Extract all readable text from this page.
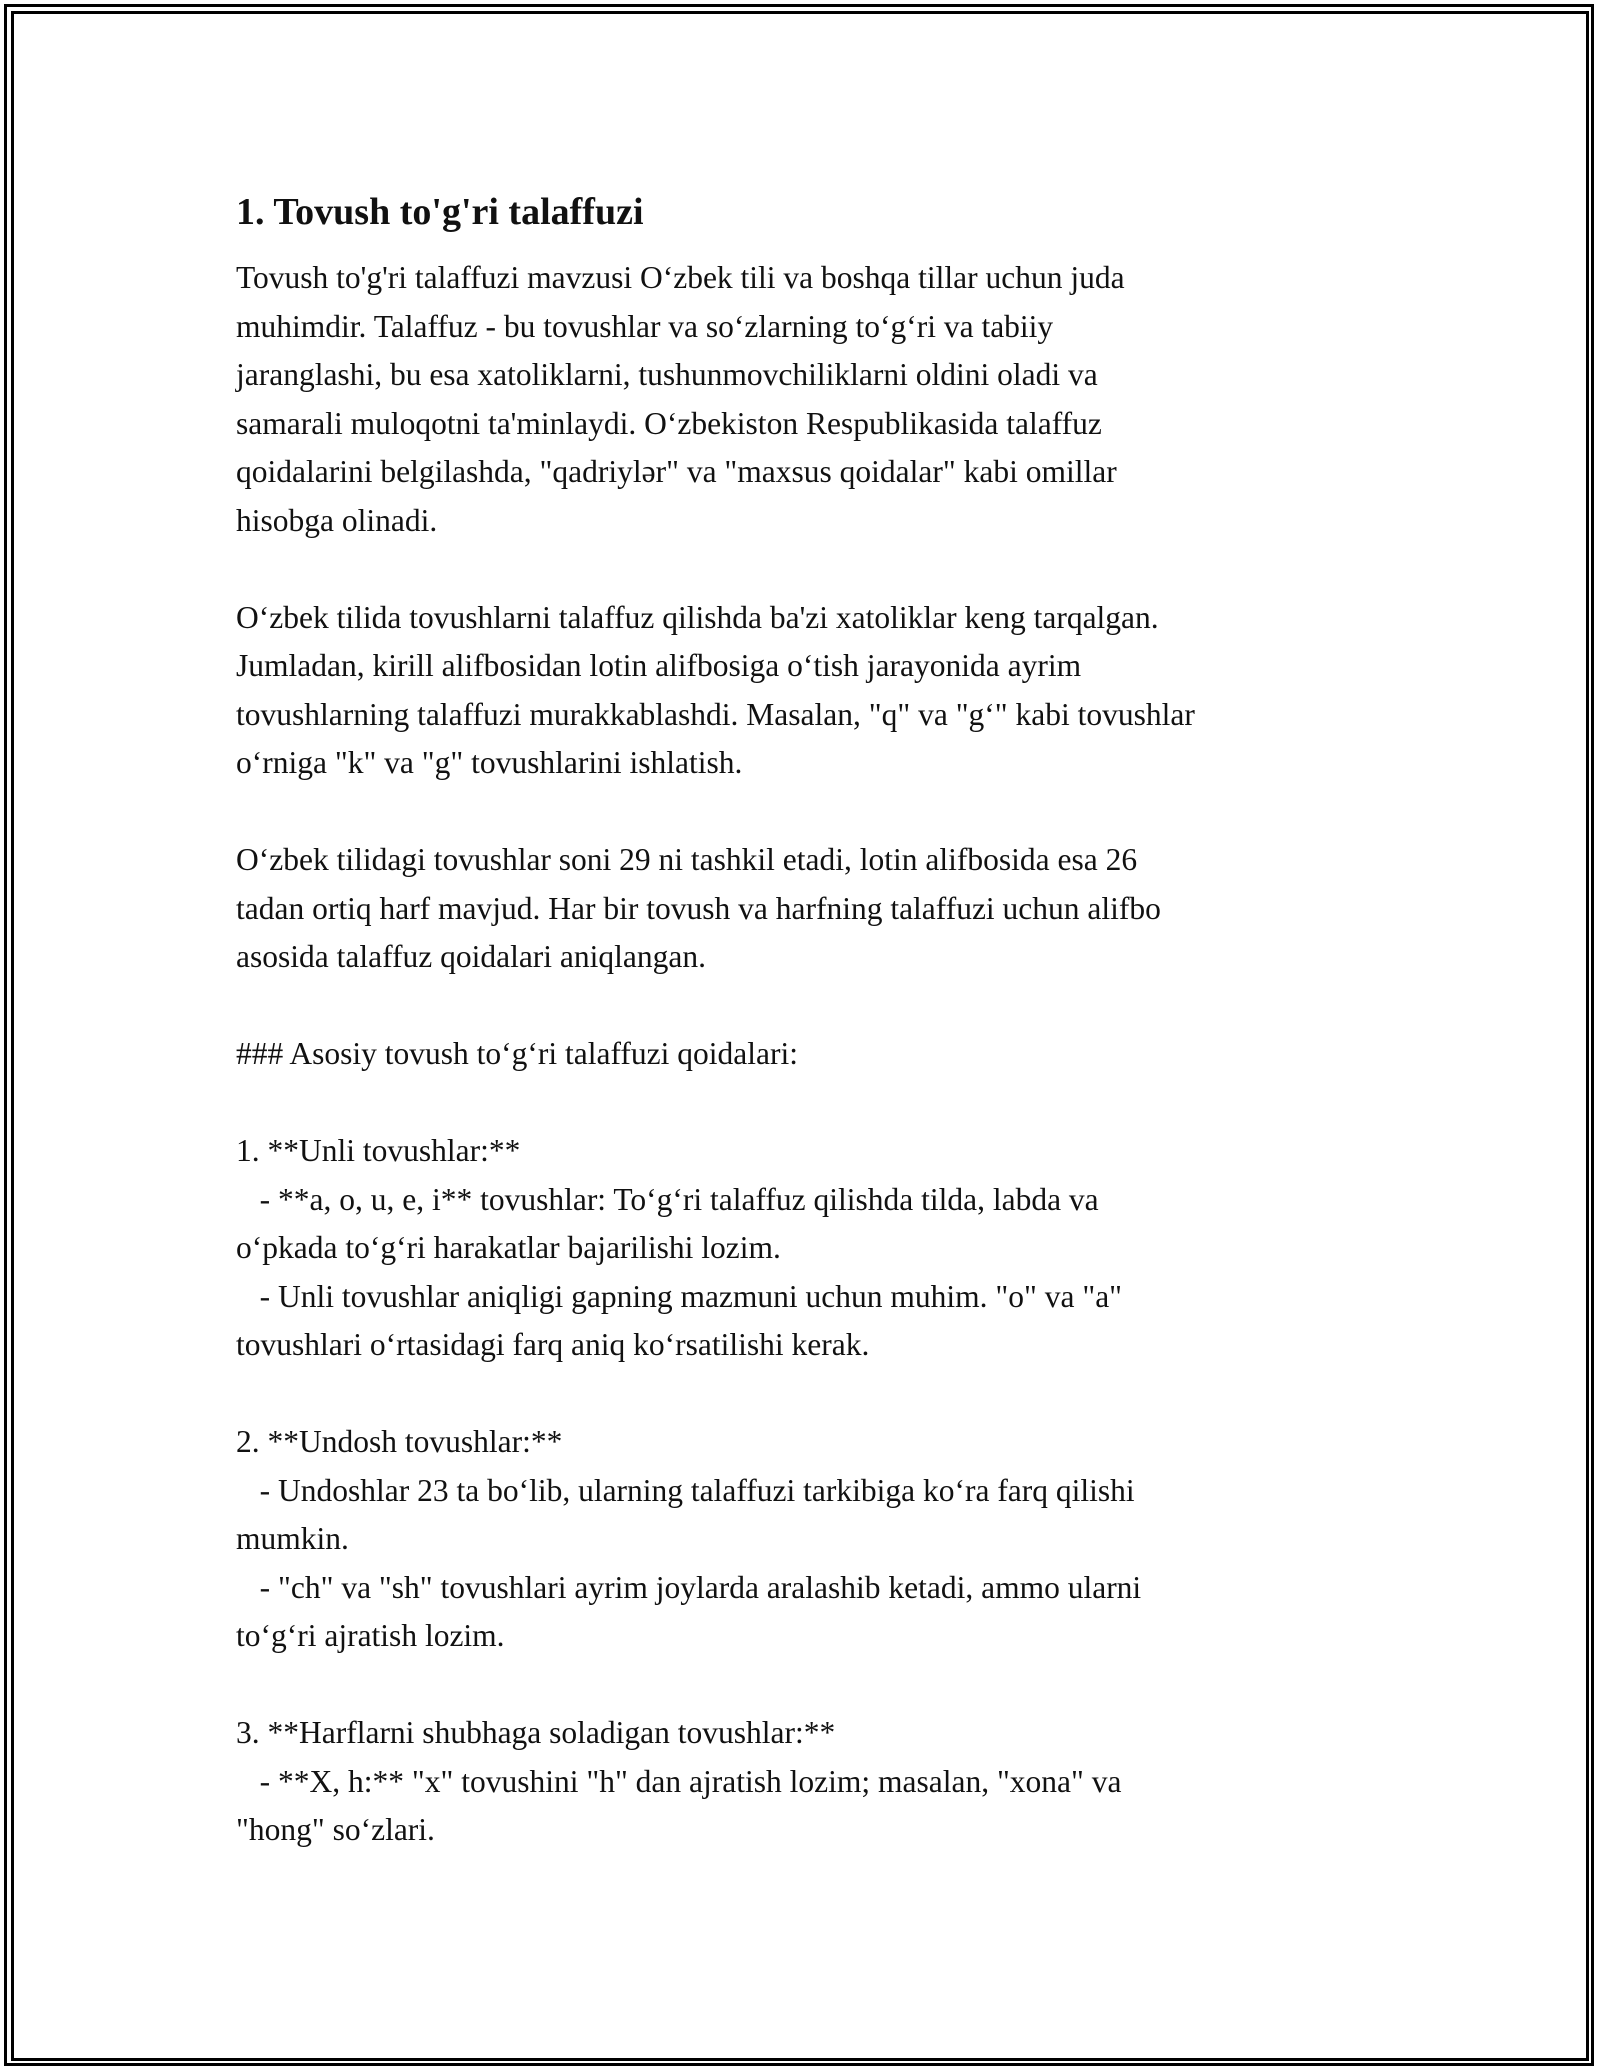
1. Tovush to'g'ri talaffuzi

Tovush to'g'ri talaffuzi mavzusi O‘zbek tili va boshqa tillar uchun juda
muhimdir. Talaffuz - bu tovushlar va so‘zlarning to‘g‘ri va tabiiy
jaranglashi, bu esa xatoliklarni, tushunmovchiliklarni oldini oladi va
samarali muloqotni ta'minlaydi. O‘zbekiston Respublikasida talaffuz
qoidalarini belgilashda, "qadriylər" va "maxsus qoidalar" kabi omillar
hisobga olinadi.

O‘zbek tilida tovushlarni talaffuz qilishda ba'zi xatoliklar keng tarqalgan.
Jumladan, kirill alifbosidan lotin alifbosiga o‘tish jarayonida ayrim
tovushlarning talaffuzi murakkablashdi. Masalan, "q" va "g‘" kabi tovushlar
o‘rniga "k" va "g" tovushlarini ishlatish.

O‘zbek tilidagi tovushlar soni 29 ni tashkil etadi, lotin alifbosida esa 26
tadan ortiq harf mavjud. Har bir tovush va harfning talaffuzi uchun alifbo
asosida talaffuz qoidalari aniqlangan.

### Asosiy tovush to‘g‘ri talaffuzi qoidalari:

1. **Unli tovushlar:**
- **a, o, u, e, i** tovushlar: To‘g‘ri talaffuz qilishda tilda, labda va
o‘pkada to‘g‘ri harakatlar bajarilishi lozim.
- Unli tovushlar aniqligi gapning mazmuni uchun muhim. "o" va "a"
tovushlari o‘rtasidagi farq aniq ko‘rsatilishi kerak.

2. **Undosh tovushlar:**
- Undoshlar 23 ta bo‘lib, ularning talaffuzi tarkibiga ko‘ra farq qilishi
mumkin.
- "ch" va "sh" tovushlari ayrim joylarda aralashib ketadi, ammo ularni
to‘g‘ri ajratish lozim.

3. **Harflarni shubhaga soladigan tovushlar:**
- **X, h:** "x" tovushini "h" dan ajratish lozim; masalan, "xona" va
"hong" so‘zlari.
